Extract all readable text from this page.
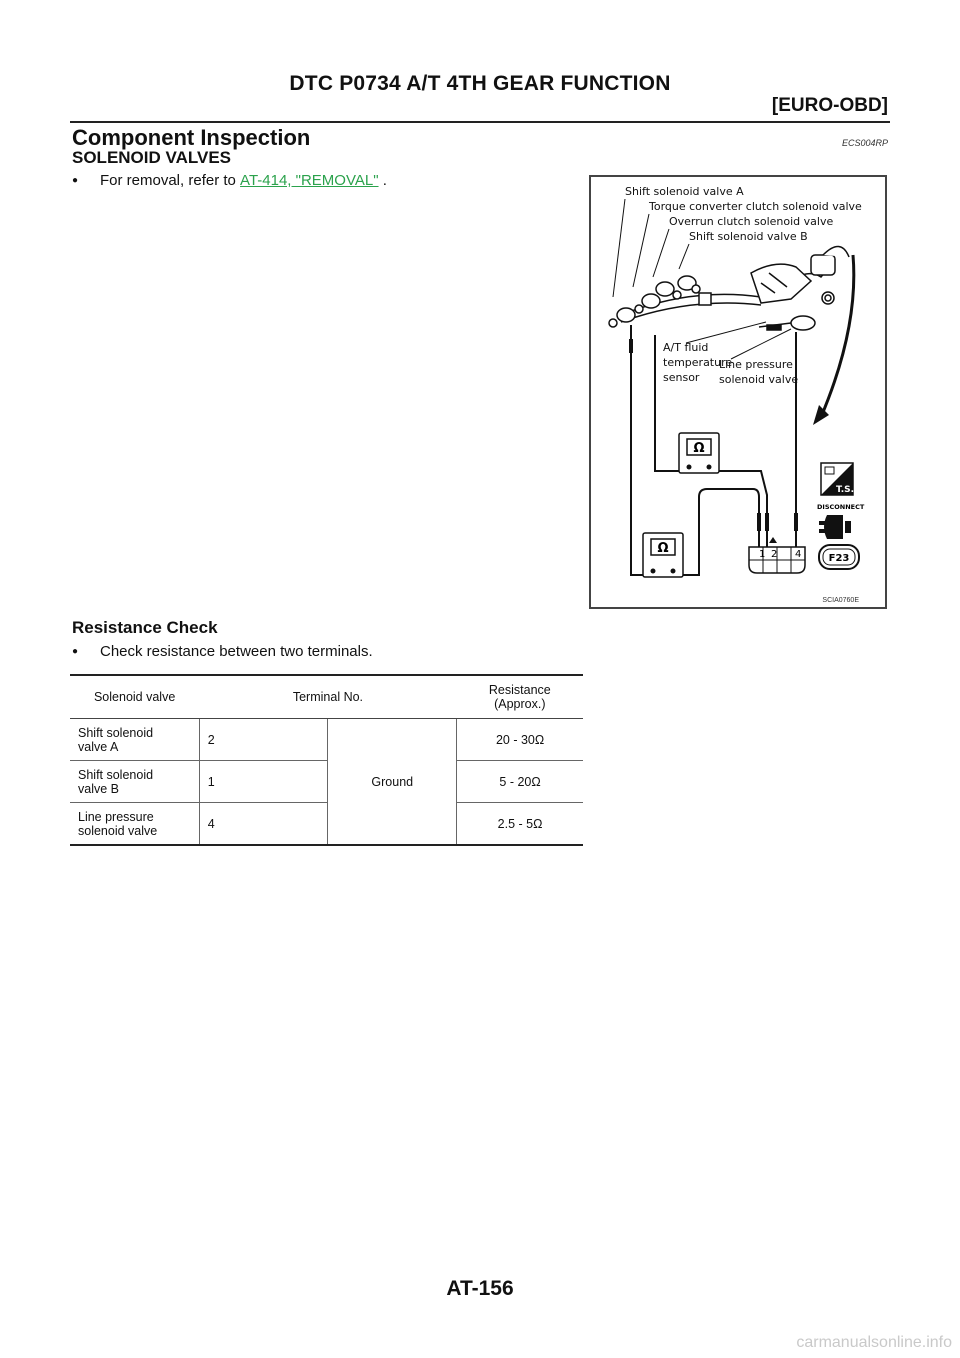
DTC P0734 A/T 4TH GEAR FUNCTION
[EURO-OBD]
Component Inspection	ECS004RP
SOLENOID VALVES
●	For removal, refer to AT-414, "REMOVAL" .
Shift solenoid valve A
Torque converter clutch solenoid valve
Overrun clutch solenoid valve
Shift solenoid valve B
A/T fluid
temperature
sensor
Line pressure
solenoid valve
Ω
Ω	1 2 4
T.S.
DISCONNECT
F23
SCIA0760E
Resistance Check
●	Check resistance between two terminals.
Solenoid valve	Terminal No.		Resistance
(Approx.)

Shift solenoid
valve A	2	Ground	20 - 30Ω

Shift solenoid
valve B	1		5 - 20Ω

Line pressure
solenoid valve	4		2.5 - 5Ω
AT-156
carmanualsonline.info
